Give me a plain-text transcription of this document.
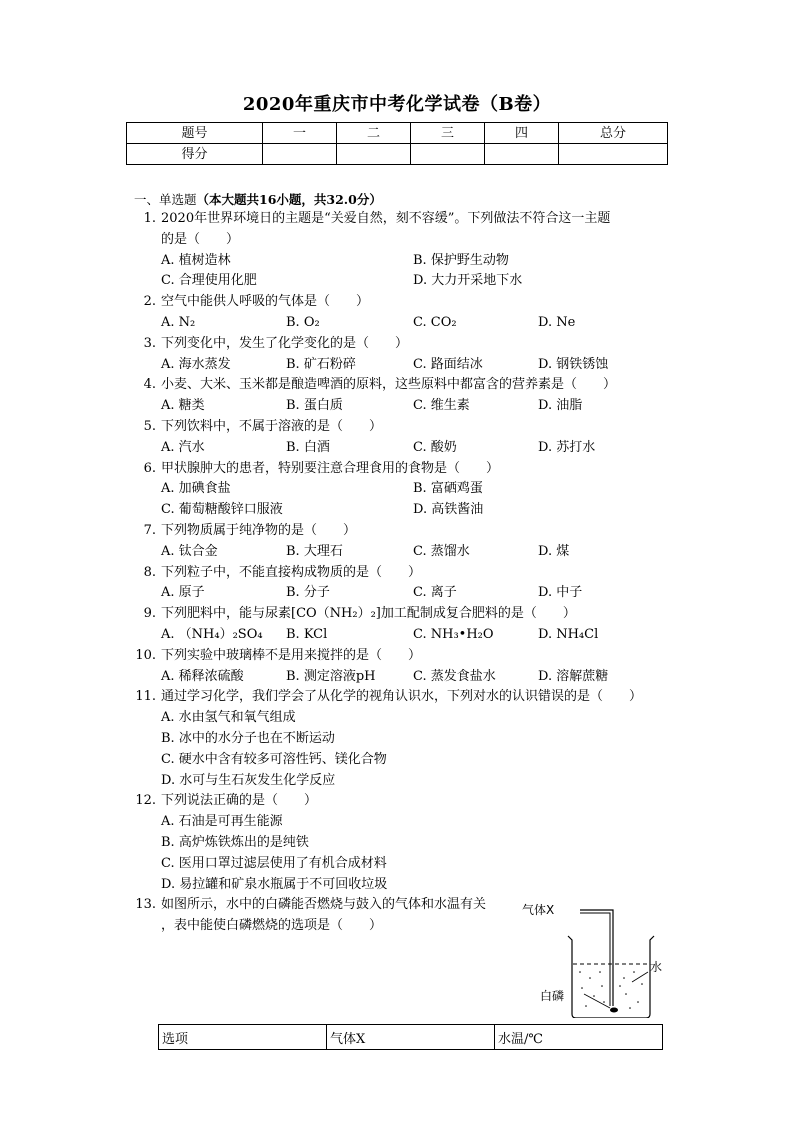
2020年重庆市中考化学试卷（B卷）
题号	一	二	三	四	总分
得分					
一、单选题（本大题共16小题，共32.0分）
1. 2020年世界环境日的主题是“关爱自然，刻不容缓”。下列做法不符合这一主题
的是（　　）
A. 植树造林	B. 保护野生动物
C. 合理使用化肥	D. 大力开采地下水
2. 空气中能供人呼吸的气体是（　　）
A. N₂	B. O₂	C. CO₂	D. Ne
3. 下列变化中，发生了化学变化的是（　　）
A. 海水蒸发	B. 矿石粉碎	C. 路面结冰	D. 钢铁锈蚀
4. 小麦、大米、玉米都是酿造啤酒的原料，这些原料中都富含的营养素是（　　）
A. 糖类	B. 蛋白质	C. 维生素	D. 油脂
5. 下列饮料中，不属于溶液的是（　　）
A. 汽水	B. 白酒	C. 酸奶	D. 苏打水
6. 甲状腺肿大的患者，特别要注意合理食用的食物是（　　）
A. 加碘食盐	B. 富硒鸡蛋
C. 葡萄糖酸锌口服液	D. 高铁酱油
7. 下列物质属于纯净物的是（　　）
A. 钛合金	B. 大理石	C. 蒸馏水	D. 煤
8. 下列粒子中，不能直接构成物质的是（　　）
A. 原子	B. 分子	C. 离子	D. 中子
9. 下列肥料中，能与尿素[CO（NH₂）₂]加工配制成复合肥料的是（　　）
A. （NH₄）₂SO₄ B. KCl	C. NH₃•H₂O	D. NH₄Cl
10. 下列实验中玻璃棒不是用来搅拌的是（　　）
A. 稀释浓硫酸	B. 测定溶液pH	C. 蒸发食盐水	D. 溶解蔗糖
11. 通过学习化学，我们学会了从化学的视角认识水，下列对水的认识错误的是（　　）
A. 水由氢气和氧气组成
B. 冰中的水分子也在不断运动
C. 硬水中含有较多可溶性钙、镁化合物
D. 水可与生石灰发生化学反应
12. 下列说法正确的是（　　）
A. 石油是可再生能源
B. 高炉炼铁炼出的是纯铁
C. 医用口罩过滤层使用了有机合成材料
D. 易拉罐和矿泉水瓶属于不可回收垃圾
13. 如图所示，水中的白磷能否燃烧与鼓入的气体和水温有关
，表中能使白磷燃烧的选项是（　　）
气体X
水
白磷
选项	气体X	水温/℃
